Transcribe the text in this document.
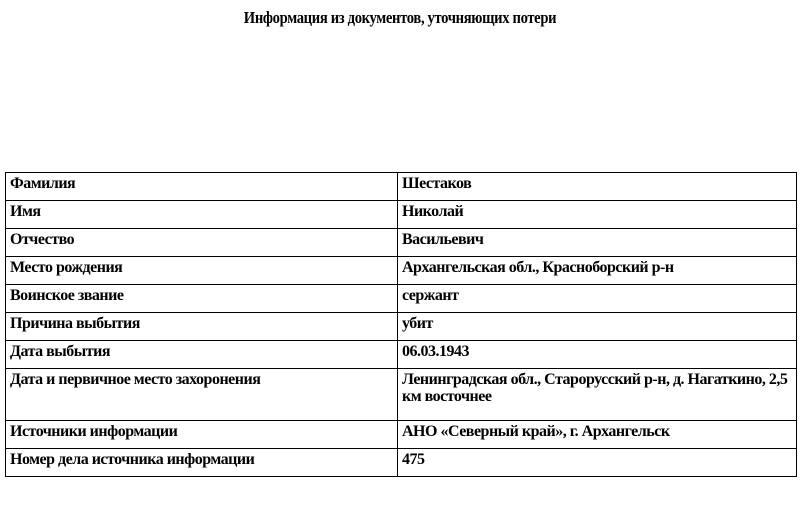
Информация из документов, уточняющих потери
Фамилия	Шестаков
Имя	Николай
Отчество	Васильевич
Место рождения	Архангельская обл., Красноборский р-н
Воинское звание	сержант
Причина выбытия	убит
Дата выбытия	06.03.1943
Дата и первичное место захоронения	Ленинградская обл., Старорусский р-н, д. Нагаткино, 2,5 км восточнее
Источники информации	АНО «Северный край», г. Архангельск
Номер дела источника информации	475
